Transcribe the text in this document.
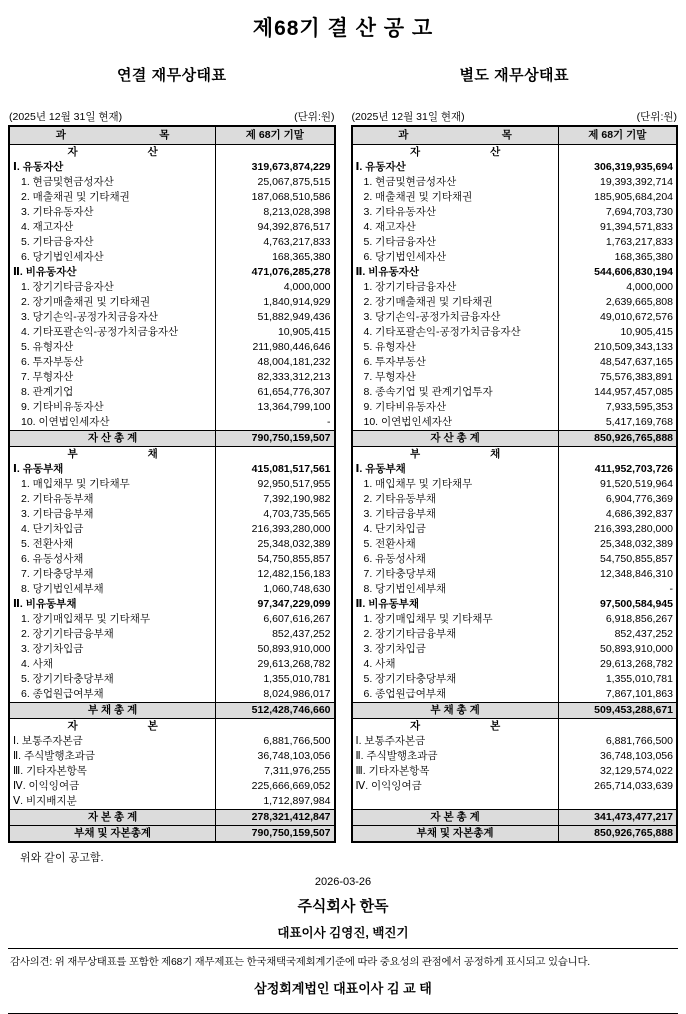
제68기 결 산 공 고
연결 재무상태표
(2025년 12월 31일 현재)	(단위:원)
과                                목	제 68기 기말
자                        산	
Ⅰ. 유동자산	319,673,874,229
1. 현금및현금성자산	25,067,875,515
2. 매출채권 및 기타채권	187,068,510,586
3. 기타유동자산	8,213,028,398
4. 재고자산	94,392,876,517
5. 기타금융자산	4,763,217,833
6. 당기법인세자산	168,365,380
Ⅱ. 비유동자산	471,076,285,278
1. 장기기타금융자산	4,000,000
2. 장기매출채권 및 기타채권	1,840,914,929
3. 당기손익-공정가치금융자산	51,882,949,436
4. 기타포괄손익-공정가치금융자산	10,905,415
5. 유형자산	211,980,446,646
6. 투자부동산	48,004,181,232
7. 무형자산	82,333,312,213
8. 관계기업	61,654,776,307
9. 기타비유동자산	13,364,799,100
10. 이연법인세자산	-
자 산 총 계	790,750,159,507
부                        채	
Ⅰ. 유동부채	415,081,517,561
1. 매입채무 및 기타채무	92,950,517,955
2. 기타유동부채	7,392,190,982
3. 기타금융부채	4,703,735,565
4. 단기차입금	216,393,280,000
5. 전환사채	25,348,032,389
6. 유동성사채	54,750,855,857
7. 기타충당부채	12,482,156,183
8. 당기법인세부채	1,060,748,630
Ⅱ. 비유동부채	97,347,229,099
1. 장기매입채무 및 기타채무	6,607,616,267
2. 장기기타금융부채	852,437,252
3. 장기차입금	50,893,910,000
4. 사채	29,613,268,782
5. 장기기타충당부채	1,355,010,781
6. 종업원급여부채	8,024,986,017
부 채 총 계	512,428,746,660
자                        본	
Ⅰ. 보통주자본금	6,881,766,500
Ⅱ. 주식발행초과금	36,748,103,056
Ⅲ. 기타자본항목	7,311,976,255
Ⅳ. 이익잉여금	225,666,669,052
Ⅴ. 비지배지분	1,712,897,984
자 본 총 계	278,321,412,847
부채 및 자본총계	790,750,159,507
별도 재무상태표
(2025년 12월 31일 현재)	(단위:원)
과                                목	제 68기 기말
자                        산	
Ⅰ. 유동자산	306,319,935,694
1. 현금및현금성자산	19,393,392,714
2. 매출채권 및 기타채권	185,905,684,204
3. 기타유동자산	7,694,703,730
4. 재고자산	91,394,571,833
5. 기타금융자산	1,763,217,833
6. 당기법인세자산	168,365,380
Ⅱ. 비유동자산	544,606,830,194
1. 장기기타금융자산	4,000,000
2. 장기매출채권 및 기타채권	2,639,665,808
3. 당기손익-공정가치금융자산	49,010,672,576
4. 기타포괄손익-공정가치금융자산	10,905,415
5. 유형자산	210,509,343,133
6. 투자부동산	48,547,637,165
7. 무형자산	75,576,383,891
8. 종속기업 및 관계기업투자	144,957,457,085
9. 기타비유동자산	7,933,595,353
10. 이연법인세자산	5,417,169,768
자 산 총 계	850,926,765,888
부                        채	
Ⅰ. 유동부채	411,952,703,726
1. 매입채무 및 기타채무	91,520,519,964
2. 기타유동부채	6,904,776,369
3. 기타금융부채	4,686,392,837
4. 단기차입금	216,393,280,000
5. 전환사채	25,348,032,389
6. 유동성사채	54,750,855,857
7. 기타충당부채	12,348,846,310
8. 당기법인세부채	-
Ⅱ. 비유동부채	97,500,584,945
1. 장기매입채무 및 기타채무	6,918,856,267
2. 장기기타금융부채	852,437,252
3. 장기차입금	50,893,910,000
4. 사채	29,613,268,782
5. 장기기타충당부채	1,355,010,781
6. 종업원급여부채	7,867,101,863
부 채 총 계	509,453,288,671
자                        본	
Ⅰ. 보통주자본금	6,881,766,500
Ⅱ. 주식발행초과금	36,748,103,056
Ⅲ. 기타자본항목	32,129,574,022
Ⅳ. 이익잉여금	265,714,033,639

자 본 총 계	341,473,477,217
부채 및 자본총계	850,926,765,888
위와 같이 공고함.
2026-03-26
주식회사 한독
대표이사 김영진, 백진기
감사의견: 위 재무상태표를 포함한 제68기 재무제표는 한국채택국제회계기준에 따라 중요성의 관점에서 공정하게 표시되고 있습니다.
삼정회계법인 대표이사 김 교 태
